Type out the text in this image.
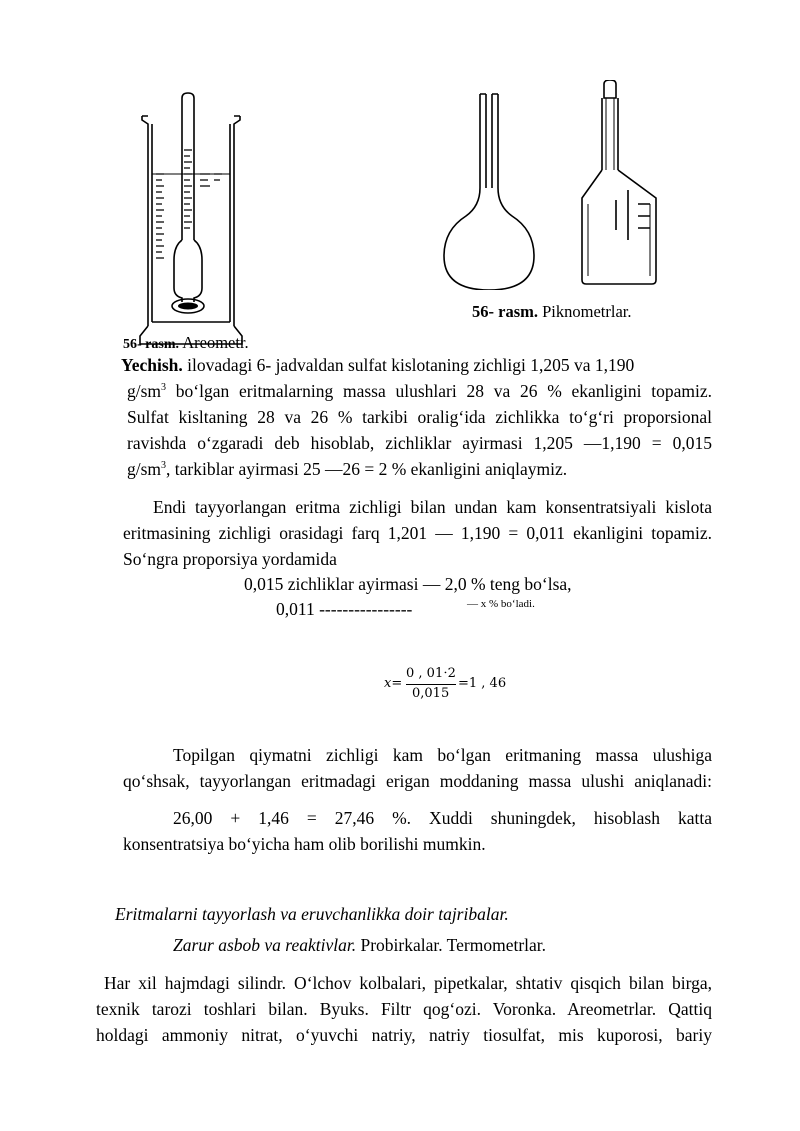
56- rasm. Piknometrlar.
56- rasm. Areometr.
Yechish. ilovadagi 6- jadvaldan sulfat kislotaning zichligi 1,205 va 1,190
$g/sm^3$ bo‘lgan eritmalarning massa ulushlari 28 va 26 % ekanligini topamiz.
Sulfat kisltaning 28 va 26 % tarkibi oralig‘ida zichlikka to‘g‘ri proporsional
ravishda o‘zgaradi deb hisoblab, zichliklar ayirmasi 1,205 —1,190 = 0,015
$g/sm^3$, tarkiblar ayirmasi 25 —26 = 2 % ekanligini aniqlaymiz.
Endi tayyorlangan eritma zichligi bilan undan kam konsentratsiyali kislota
eritmasining zichligi orasidagi farq 1,201 — 1,190 = 0,011 ekanligini topamiz.
So‘ngra proporsiya yordamida
0,015 zichliklar ayirmasi — 2,0 % teng bo‘lsa,
0,011 ----------------	— x % bo‘ladi.
x=
0 , 01⋅2
0,015
=1 , 46
Topilgan qiymatni zichligi kam bo‘lgan eritmaning massa ulushiga
qo‘shsak, tayyorlangan eritmadagi erigan moddaning massa ulushi aniqlanadi:
26,00 + 1,46 = 27,46 %. Xuddi shuningdek, hisoblash katta
konsentratsiya bo‘yicha ham olib borilishi mumkin.
Eritmalarni tayyorlash va eruvchanlikka doir tajribalar.
Zarur asbob va reaktivlar. Probirkalar. Termometrlar.
Har xil hajmdagi silindr. O‘lchov kolbalari, pipetkalar, shtativ qisqich bilan birga,
texnik tarozi toshlari bilan. Byuks. Filtr qog‘ozi. Voronka. Areometrlar. Qattiq
holdagi ammoniy nitrat, o‘yuvchi natriy, natriy tiosulfat, mis kuporosi, bariy
